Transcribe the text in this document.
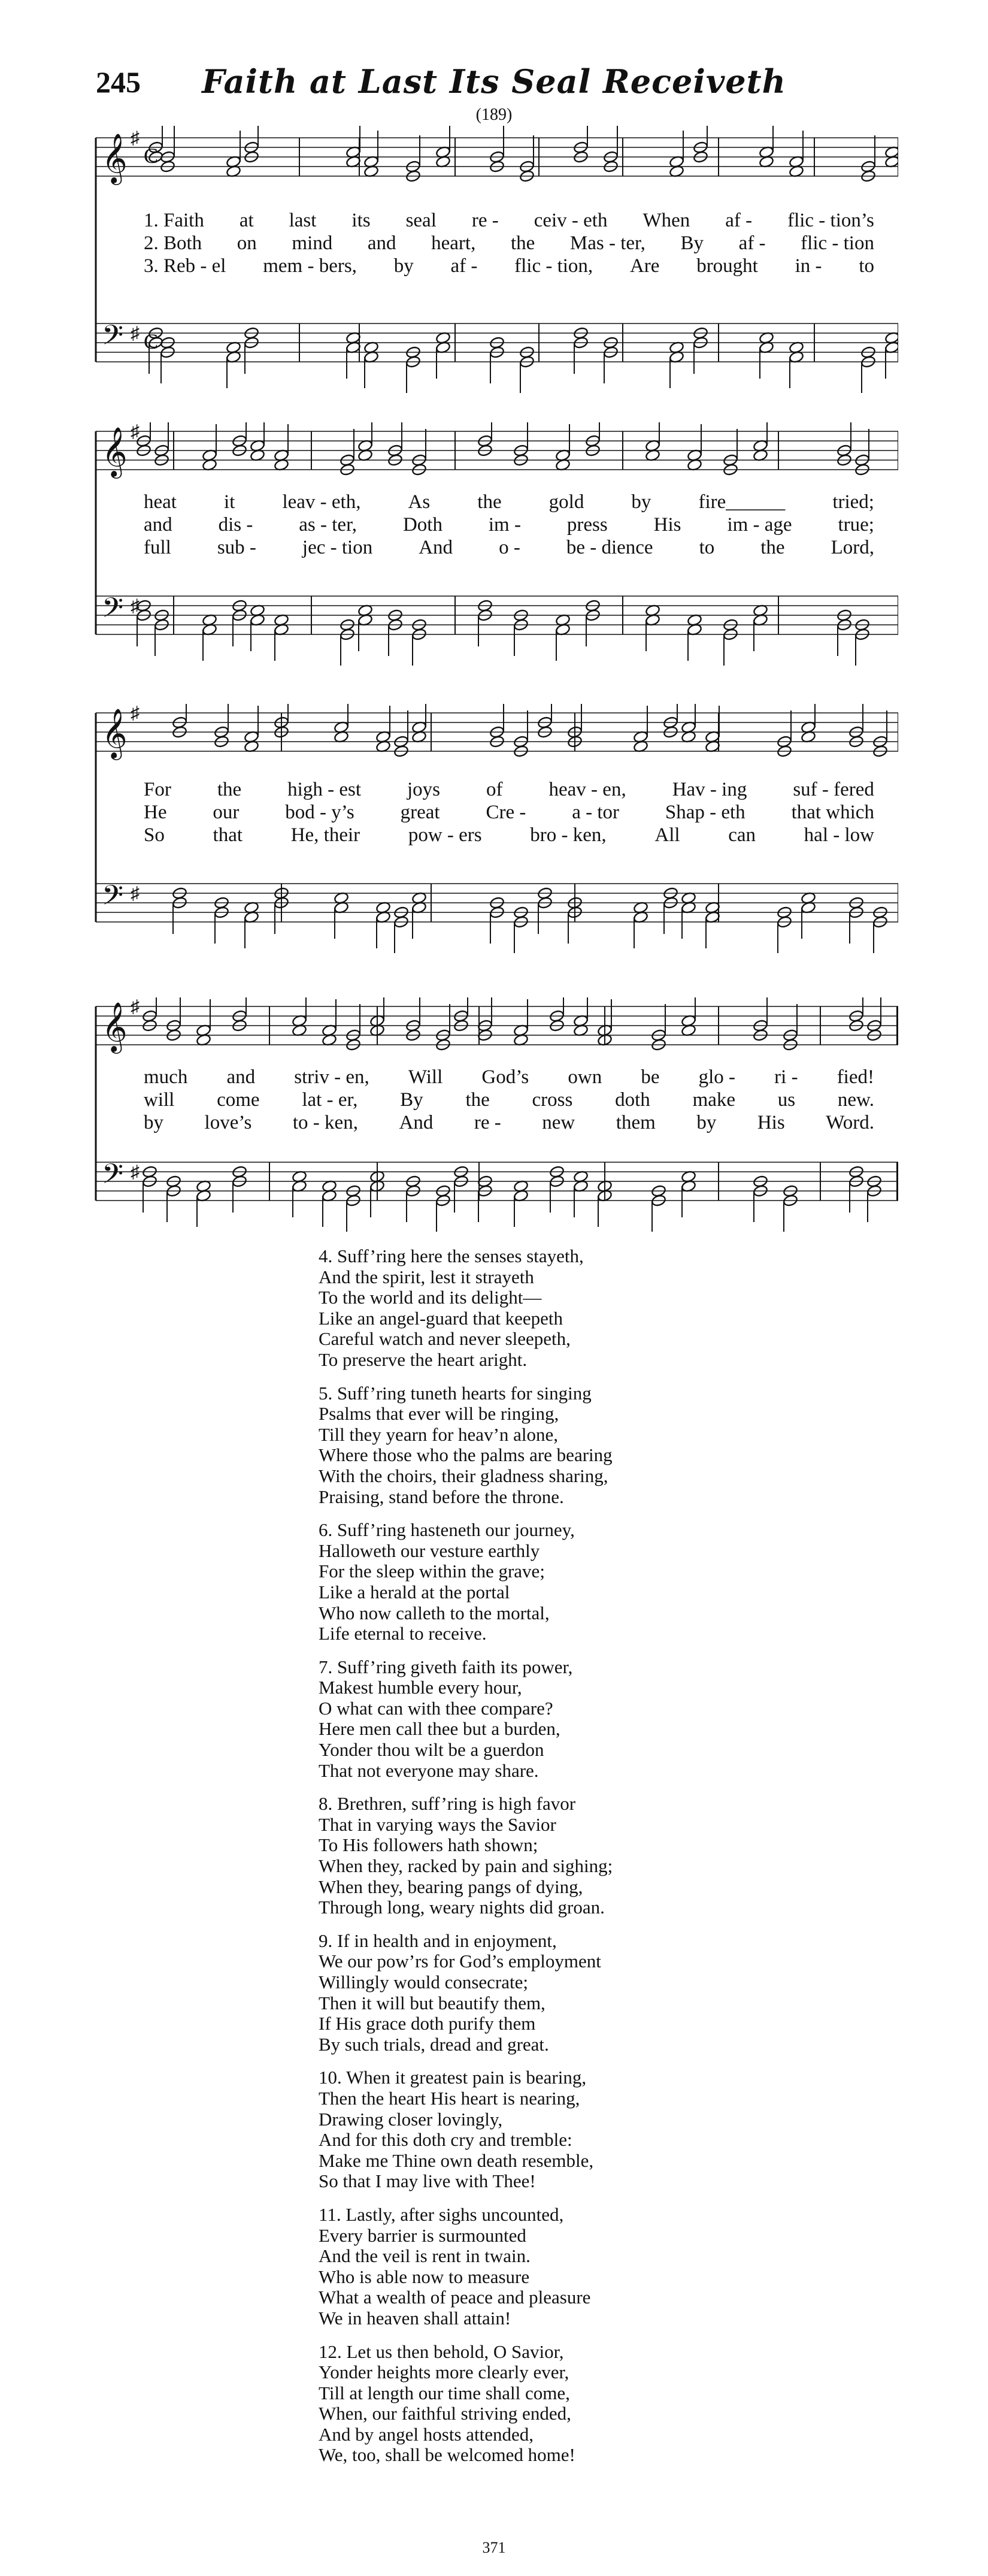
245	Faith at Last Its Seal Receiveth
(189)
𝄞
𝄢
♯
♯
C
C
1. Faith at last its seal re - ceiv - eth When af - flic - tion’s
2. Both on mind and heart, the Mas - ter, By af - flic - tion
3. Reb - el mem - bers, by af - flic - tion, Are brought in - to
𝄞
𝄢
♯
♯
heat it leav - eth, As the gold by fire______ tried;
and dis - as - ter, Doth im - press His im - age true;
full sub - jec - tion And o - be - dience to the Lord,
𝄞
𝄢
♯
♯
For the high - est joys of heav - en, Hav - ing suf - fered
He our bod - y’s great Cre - a - tor Shap - eth that which
So that He, their pow - ers bro - ken, All can hal - low
𝄞
𝄢
♯
♯
much and striv - en, Will God’s own be glo - ri - fied!
will come lat - er, By the cross doth make us new.
by love’s to - ken, And re - new them by His Word.
4. Suff’ring here the senses stayeth,
And the spirit, lest it strayeth
To the world and its delight—
Like an angel-guard that keepeth
Careful watch and never sleepeth,
To preserve the heart aright.
5. Suff’ring tuneth hearts for singing
Psalms that ever will be ringing,
Till they yearn for heav’n alone,
Where those who the palms are bearing
With the choirs, their gladness sharing,
Praising, stand before the throne.
6. Suff’ring hasteneth our journey,
Halloweth our vesture earthly
For the sleep within the grave;
Like a herald at the portal
Who now calleth to the mortal,
Life eternal to receive.
7. Suff’ring giveth faith its power,
Makest humble every hour,
O what can with thee compare?
Here men call thee but a burden,
Yonder thou wilt be a guerdon
That not everyone may share.
8. Brethren, suff’ring is high favor
That in varying ways the Savior
To His followers hath shown;
When they, racked by pain and sighing;
When they, bearing pangs of dying,
Through long, weary nights did groan.
9. If in health and in enjoyment,
We our pow’rs for God’s employment
Willingly would consecrate;
Then it will but beautify them,
If His grace doth purify them
By such trials, dread and great.
10. When it greatest pain is bearing,
Then the heart His heart is nearing,
Drawing closer lovingly,
And for this doth cry and tremble:
Make me Thine own death resemble,
So that I may live with Thee!
11. Lastly, after sighs uncounted,
Every barrier is surmounted
And the veil is rent in twain.
Who is able now to measure
What a wealth of peace and pleasure
We in heaven shall attain!
12. Let us then behold, O Savior,
Yonder heights more clearly ever,
Till at length our time shall come,
When, our faithful striving ended,
And by angel hosts attended,
We, too, shall be welcomed home!
371
